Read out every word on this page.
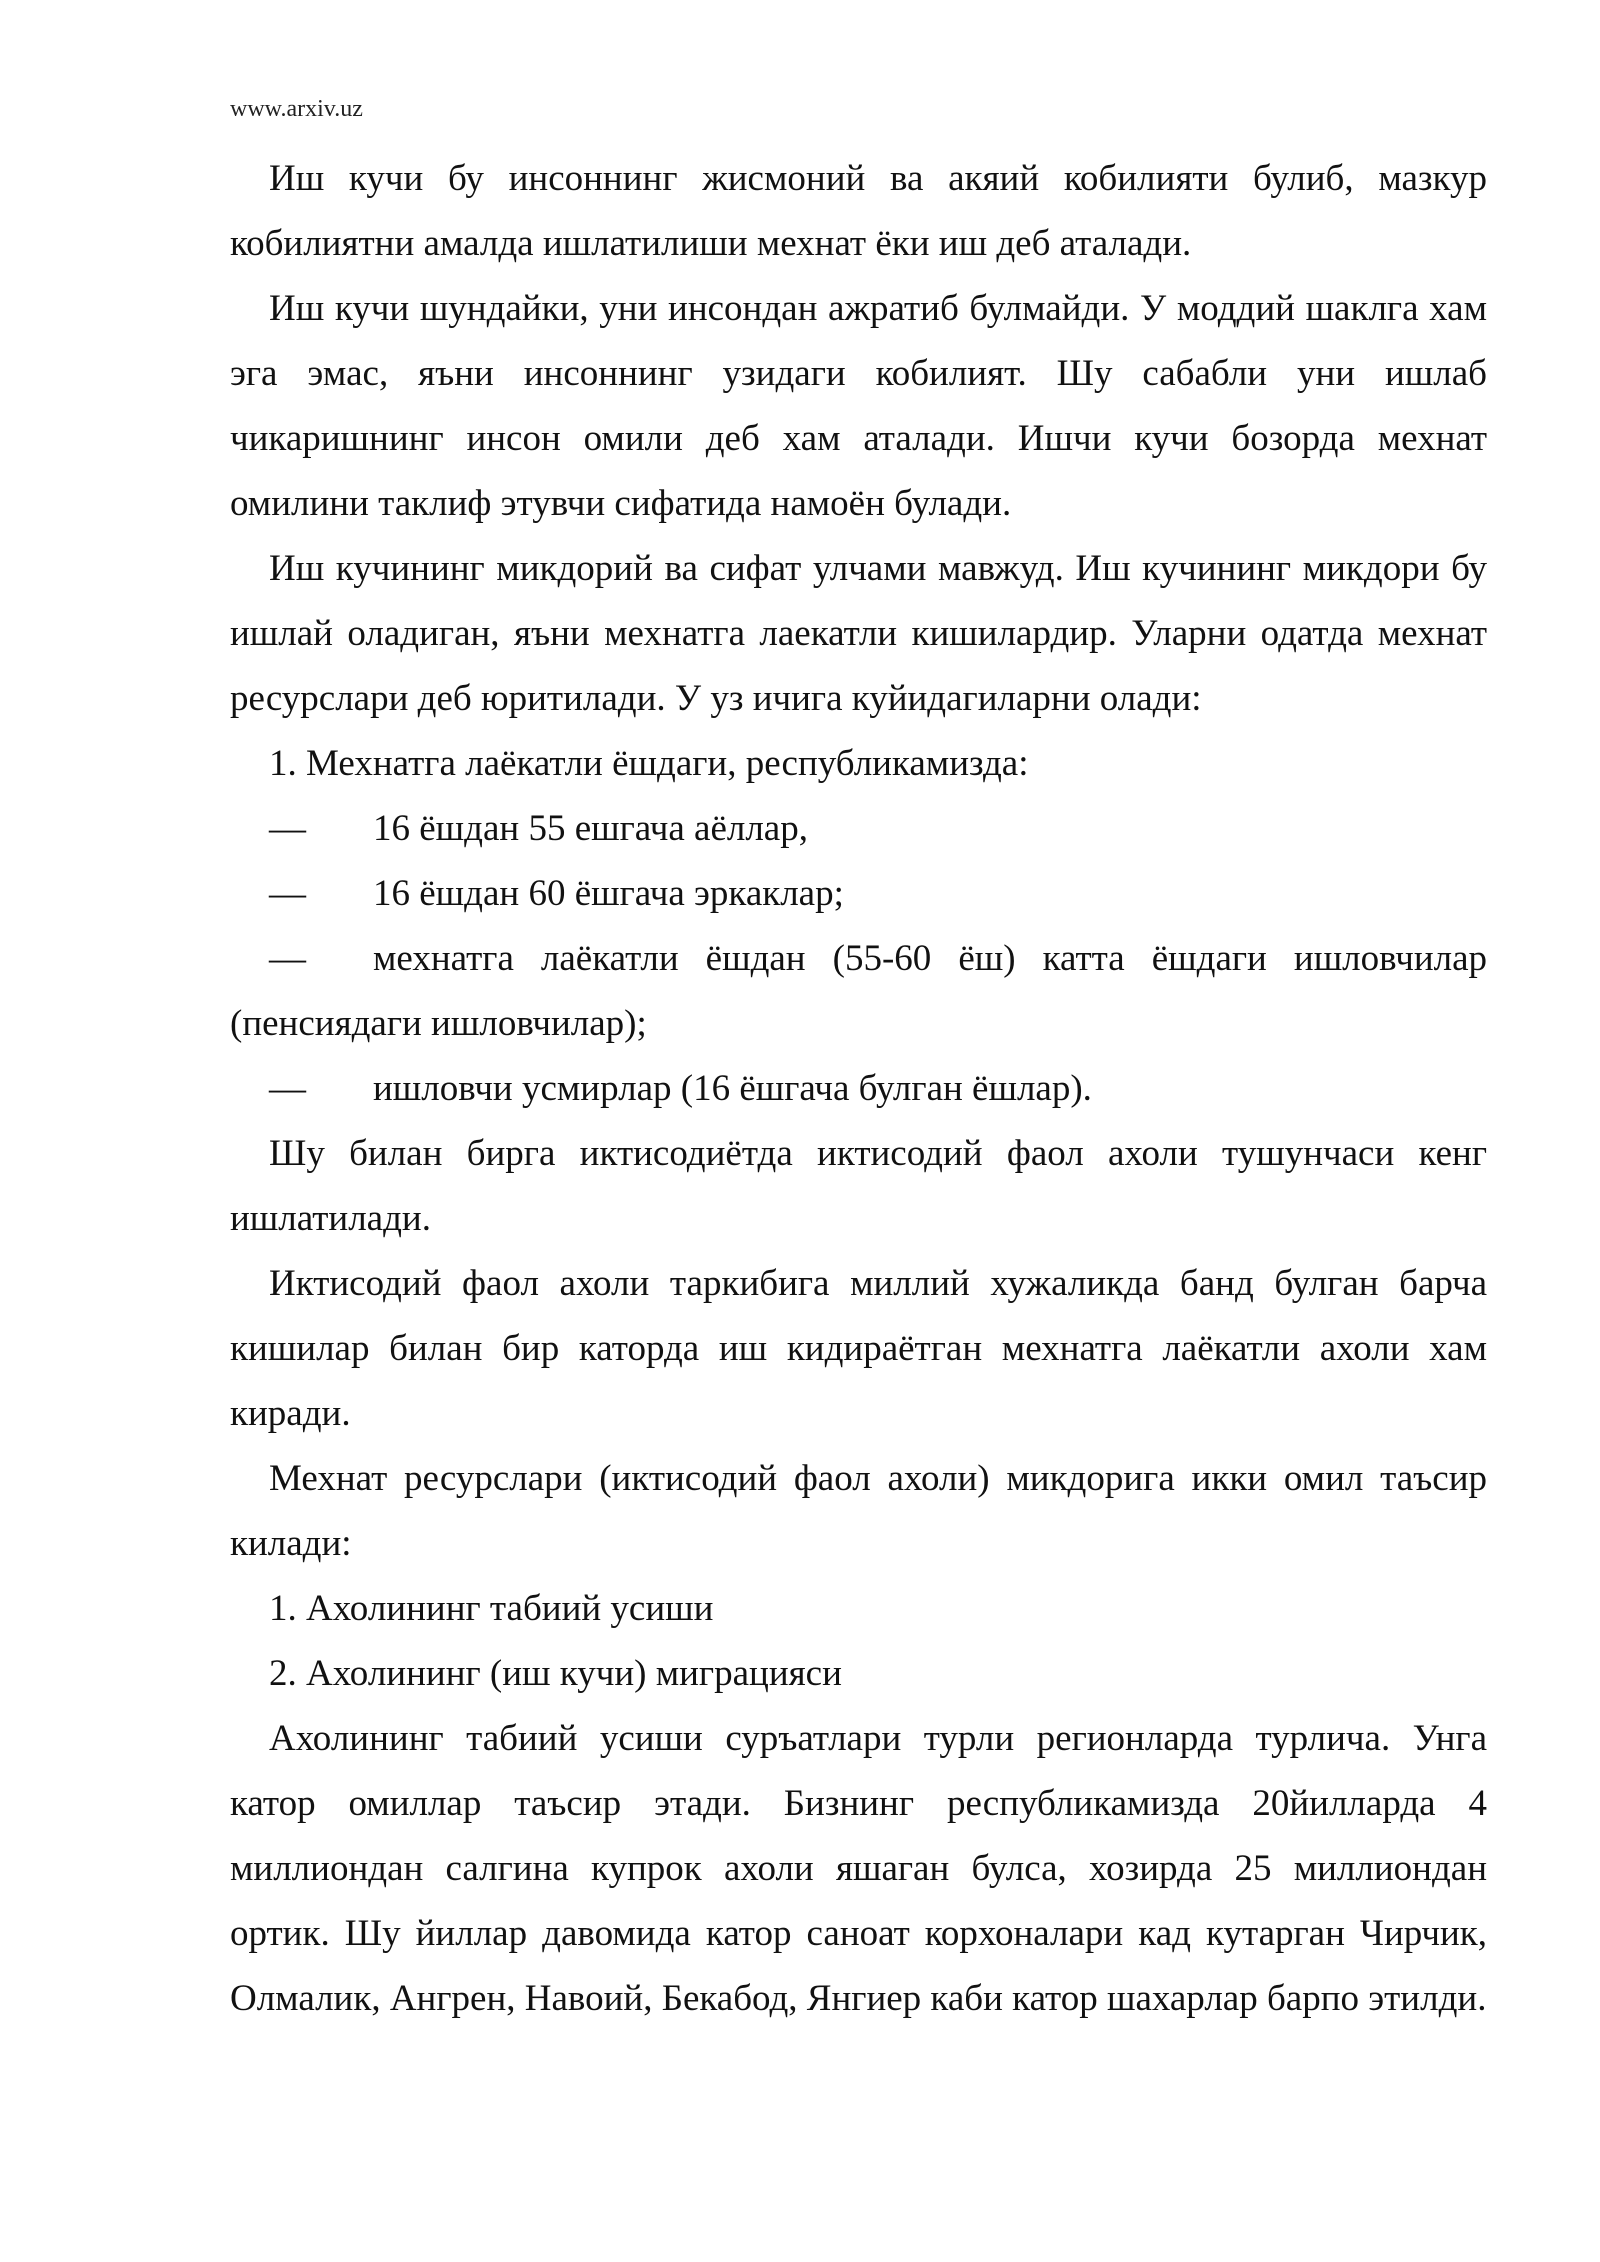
www.arxiv.uz

Иш кучи бу инсоннинг жисмоний ва акяий кобилияти булиб, мазкур кобилиятни амалда ишлатилиши мехнат ёки иш деб аталади.

Иш кучи шундайки, уни инсондан ажратиб булмайди. У моддий шаклга хам эга эмас, яъни инсоннинг узидаги кобилият. Шу сабабли уни ишлаб чикаришнинг инсон омили деб хам аталади. Ишчи кучи бозорда мехнат омилини таклиф этувчи сифатида намоён булади.

Иш кучининг микдорий ва сифат улчами мавжуд. Иш кучининг микдори бу ишлай оладиган, яъни мехнатга лаекатли кишилардир. Уларни одатда мехнат ресурслари деб юритилади. У уз ичига куйидагиларни олади:

1. Мехнатга лаёкатли ёшдаги, республикамизда:

— 16 ёшдан 55 ешгача аёллар,

— 16 ёшдан 60 ёшгача эркаклар;

— мехнатга лаёкатли ёшдан (55-60 ёш) катта ёшдаги ишловчилар (пенсиядаги ишловчилар);

— ишловчи усмирлар (16 ёшгача булган ёшлар).

Шу билан бирга иктисодиётда иктисодий фаол ахоли тушунчаси кенг ишлатилади.

Иктисодий фаол ахоли таркибига миллий хужаликда банд булган барча кишилар билан бир каторда иш кидираётган мехнатга лаёкатли ахоли хам киради.

Мехнат ресурслари (иктисодий фаол ахоли) микдорига икки омил таъсир килади:

1. Ахолининг табиий усиши

2. Ахолининг (иш кучи) миграцияси

Ахолининг табиий усиши суръатлари турли регионларда турлича. Унга катор омиллар таъсир этади. Бизнинг республикамизда 20йилларда 4 миллиондан салгина купрок ахоли яшаган булса, хозирда 25 миллиондан ортик. Шу йиллар давомида катор саноат корхоналари кад кутарган Чирчик, Олмалик, Ангрен, Навоий, Бекабод, Янгиер каби катор шахарлар барпо этилди.
